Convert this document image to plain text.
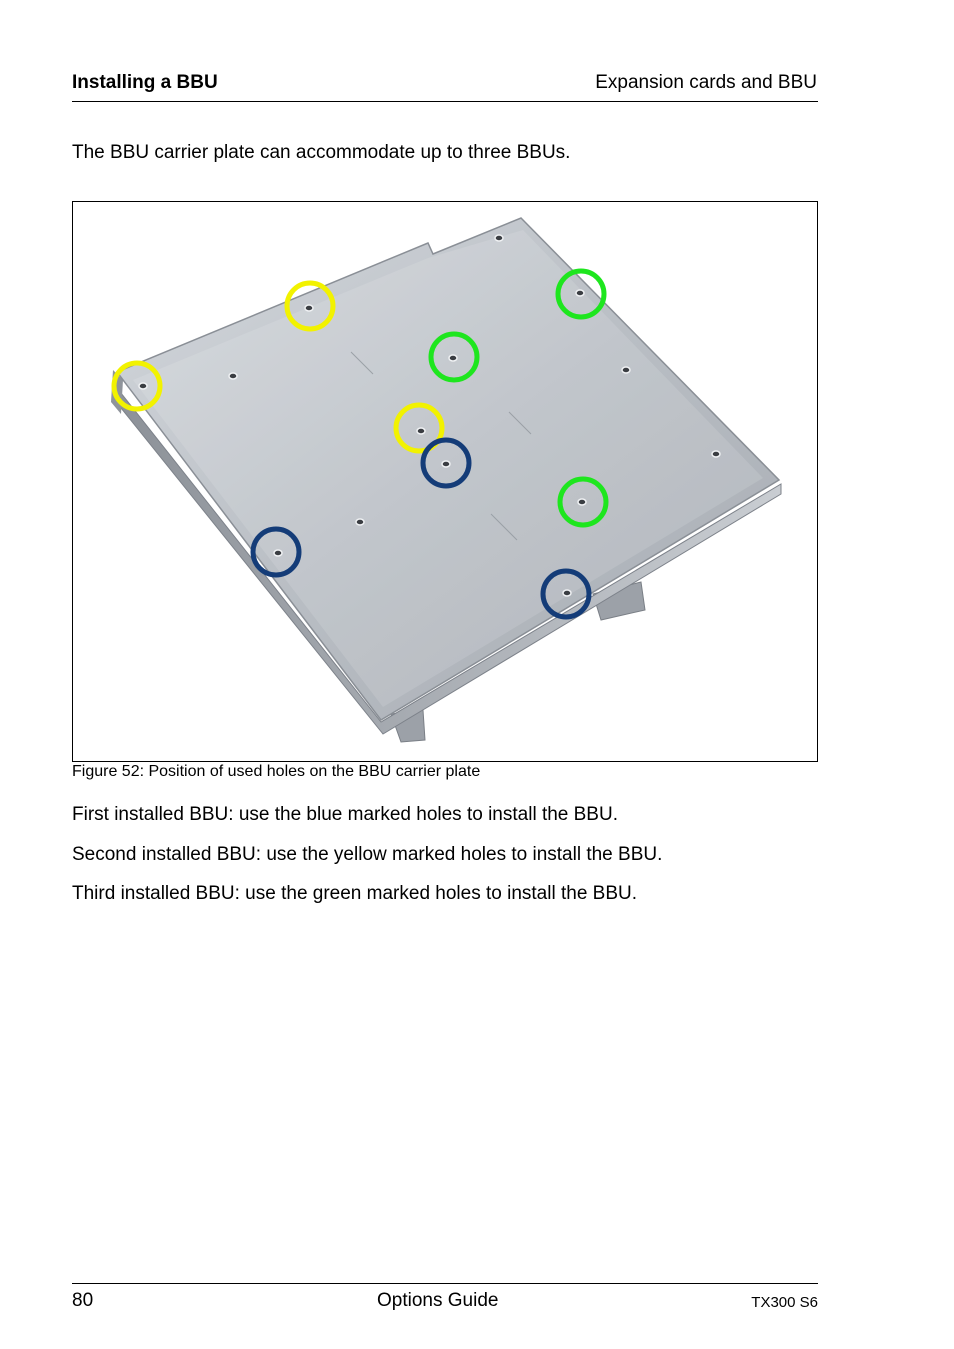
Installing a BBU	Expansion cards and BBU
The BBU carrier plate can accommodate up to three BBUs.
Figure 52: Position of used holes on the BBU carrier plate
First installed BBU: use the blue marked holes to install the BBU.
Second installed BBU: use the yellow marked holes to install the BBU.
Third installed BBU: use the green marked holes to install the BBU.
80	Options Guide	TX300 S6
